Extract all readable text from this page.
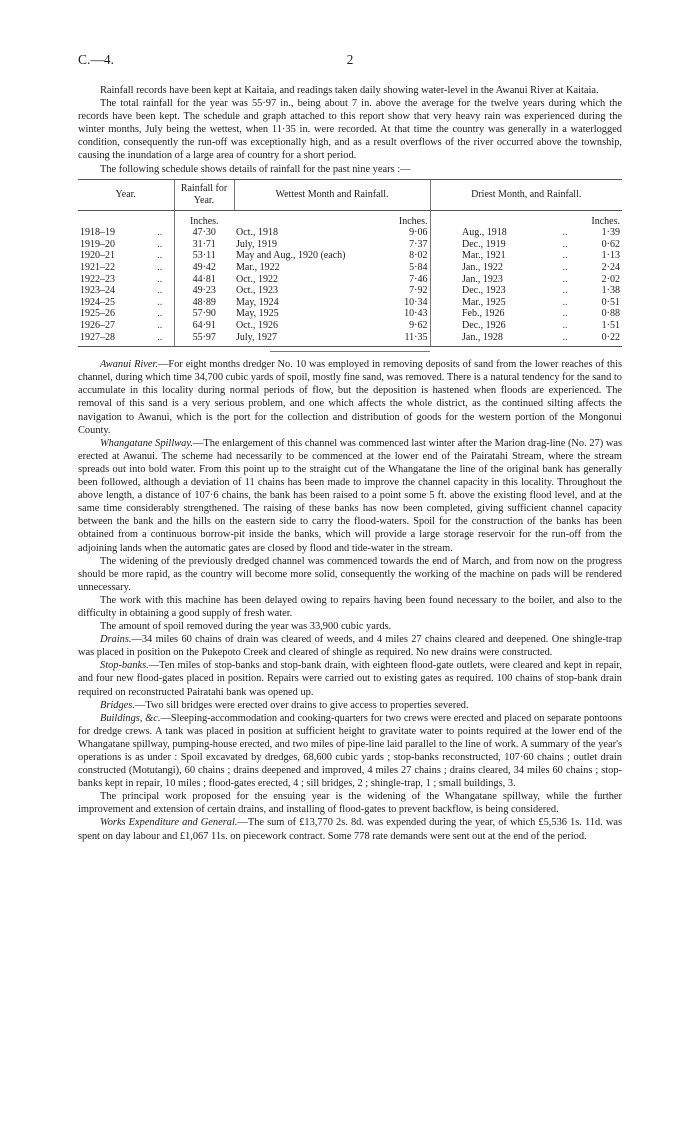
C.—4.	2

Rainfall records have been kept at Kaitaia, and readings taken daily showing water-level in the Awanui River at Kaitaia.

The total rainfall for the year was 55·97 in., being about 7 in. above the average for the twelve years during which the records have been kept. The schedule and graph attached to this report show that very heavy rain was experienced during the winter months, July being the wettest, when 11·35 in. were recorded. At that time the country was generally in a waterlogged condition, consequently the run-off was exceptionally high, and as a result overflows of the river occurred above the township, causing the inundation of a large area of country for a short period.

The following schedule shows details of rainfall for the past nine years :—

Year.		Rainfall for Year.	Wettest Month and Rainfall.		Driest Month, and Rainfall.			
		Inches.		Inches.				Inches.
1918–19	..	47·30	Oct., 1918	9·06		Aug., 1918	..	1·39
1919–20	..	31·71	July, 1919	7·37		Dec., 1919	..	0·62
1920–21	..	53·11	May and Aug., 1920 (each)	8·02		Mar., 1921	..	1·13
1921–22	..	49·42	Mar., 1922	5·84		Jan., 1922	..	2·24
1922–23	..	44·81	Oct., 1922	7·46		Jan., 1923	..	2·02
1923–24	..	49·23	Oct., 1923	7·92		Dec., 1923	..	1·38
1924–25	..	48·89	May, 1924	10·34		Mar., 1925	..	0·51
1925–26	..	57·90	May, 1925	10·43		Feb., 1926	..	0·88
1926–27	..	64·91	Oct., 1926	9·62		Dec., 1926	..	1·51
1927–28	..	55·97	July, 1927	11·35		Jan., 1928	..	0·22

Awanui River.—For eight months dredger No. 10 was employed in removing deposits of sand from the lower reaches of this channel, during which time 34,700 cubic yards of spoil, mostly fine sand, was removed. There is a natural tendency for the sand to accumulate in this locality during normal periods of flow, but the deposition is hastened when floods are experienced. The removal of this sand is a very serious problem, and one which affects the whole district, as the continued silting affects the navigation to Awanui, which is the port for the collection and distribution of goods for the western portion of the Mongonui County.

Whangatane Spillway.—The enlargement of this channel was commenced last winter after the Marion drag-line (No. 27) was erected at Awanui. The scheme had necessarily to be commenced at the lower end of the Pairatahi Stream, where the stream spreads out into bold water. From this point up to the straight cut of the Whangatane the line of the original bank has generally been followed, although a deviation of 11 chains has been made to improve the channel capacity in this locality. Throughout the above length, a distance of 107·6 chains, the bank has been raised to a point some 5 ft. above the existing flood level, and at the same time considerably strengthened. The raising of these banks has now been completed, giving sufficient channel capacity between the bank and the hills on the eastern side to carry the flood-waters. Spoil for the construction of the banks has been obtained from a continuous borrow-pit inside the banks, which will provide a large storage reservoir for the run-off from the adjoining lands when the automatic gates are closed by flood and tide-water in the stream.

The widening of the previously dredged channel was commenced towards the end of March, and from now on the progress should be more rapid, as the country will become more solid, consequently the working of the machine on pads will be rendered unnecessary.

The work with this machine has been delayed owing to repairs having been found necessary to the boiler, and also to the difficulty in obtaining a good supply of fresh water.

The amount of spoil removed during the year was 33,900 cubic yards.

Drains.—34 miles 60 chains of drain was cleared of weeds, and 4 miles 27 chains cleared and deepened. One shingle-trap was placed in position on the Pukepoto Creek and cleared of shingle as required. No new drains were constructed.

Stop-banks.—Ten miles of stop-banks and stop-bank drain, with eighteen flood-gate outlets, were cleared and kept in repair, and four new flood-gates placed in position. Repairs were carried out to existing gates as required. 100 chains of stop-bank drain required on reconstructed Pairatahi bank was opened up.

Bridges.—Two sill bridges were erected over drains to give access to properties severed.

Buildings, &c.—Sleeping-accommodation and cooking-quarters for two crews were erected and placed on separate pontoons for dredge crews. A tank was placed in position at sufficient height to gravitate water to points required at the lower end of the Whangatane spillway, pumping-house erected, and two miles of pipe-line laid parallel to the line of work. A summary of the year's operations is as under : Spoil excavated by dredges, 68,600 cubic yards ; stop-banks reconstructed, 107·60 chains ; outlet drain constructed (Motutangi), 60 chains ; drains deepened and improved, 4 miles 27 chains ; drains cleared, 34 miles 60 chains ; stop-banks kept in repair, 10 miles ; flood-gates erected, 4 ; sill bridges, 2 ; shingle-trap, 1 ; small buildings, 3.

The principal work proposed for the ensuing year is the widening of the Whangatane spillway, while the further improvement and extension of certain drains, and installing of flood-gates to prevent backflow, is being considered.

Works Expenditure and General.—The sum of £13,770 2s. 8d. was expended during the year, of which £5,536 1s. 11d. was spent on day labour and £1,067 11s. on piecework contract. Some 778 rate demands were sent out at the end of the period.
